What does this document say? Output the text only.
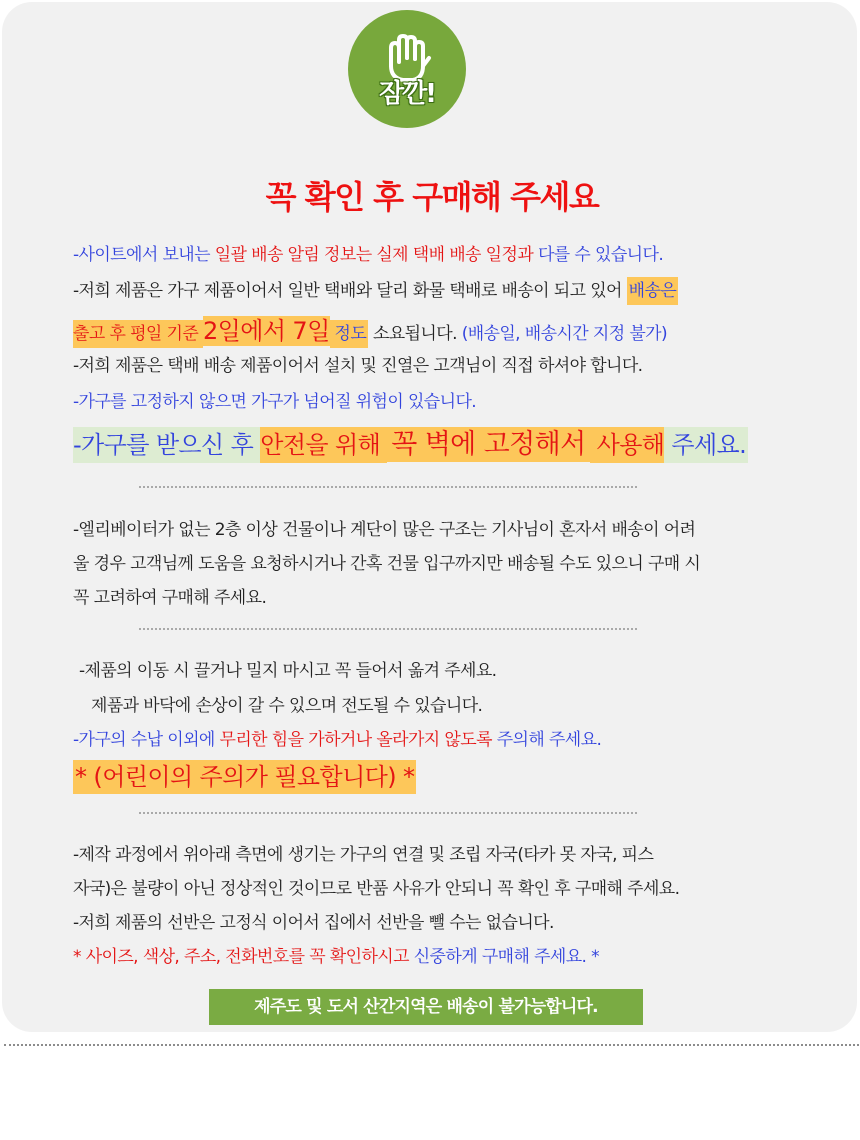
잠깐!
꼭 확인 후 구매해 주세요
-사이트에서 보내는 일괄 배송 알림 정보는 실제 택배 배송 일정과 다를 수 있습니다.
-저희 제품은 가구 제품이어서 일반 택배와 달리 화물 택배로 배송이 되고 있어 배송은
출고 후 평일 기준 2일에서 7일 정도 소요됩니다. (배송일, 배송시간 지정 불가)
-저희 제품은 택배 배송 제품이어서 설치 및 진열은 고객님이 직접 하셔야 합니다.
-가구를 고정하지 않으면 가구가 넘어질 위험이 있습니다.
-가구를 받으신 후 안전을 위해 꼭 벽에 고정해서 사용해 주세요.
-엘리베이터가 없는 2층 이상 건물이나 계단이 많은 구조는 기사님이 혼자서 배송이 어려
울 경우 고객님께 도움을 요청하시거나 간혹 건물 입구까지만 배송될 수도 있으니 구매 시
꼭 고려하여 구매해 주세요.
-제품의 이동 시 끌거나 밀지 마시고 꼭 들어서 옮겨 주세요.
제품과 바닥에 손상이 갈 수 있으며 전도될 수 있습니다.
-가구의 수납 이외에 무리한 힘을 가하거나 올라가지 않도록 주의해 주세요.
* (어린이의 주의가 필요합니다) *
-제작 과정에서 위아래 측면에 생기는 가구의 연결 및 조립 자국(타카 못 자국, 피스
자국)은 불량이 아닌 정상적인 것이므로 반품 사유가 안되니 꼭 확인 후 구매해 주세요.
-저희 제품의 선반은 고정식 이어서 집에서 선반을 뺄 수는 없습니다.
* 사이즈, 색상, 주소, 전화번호를 꼭 확인하시고 신중하게 구매해 주세요. *
제주도 및 도서 산간지역은 배송이 불가능합니다.
